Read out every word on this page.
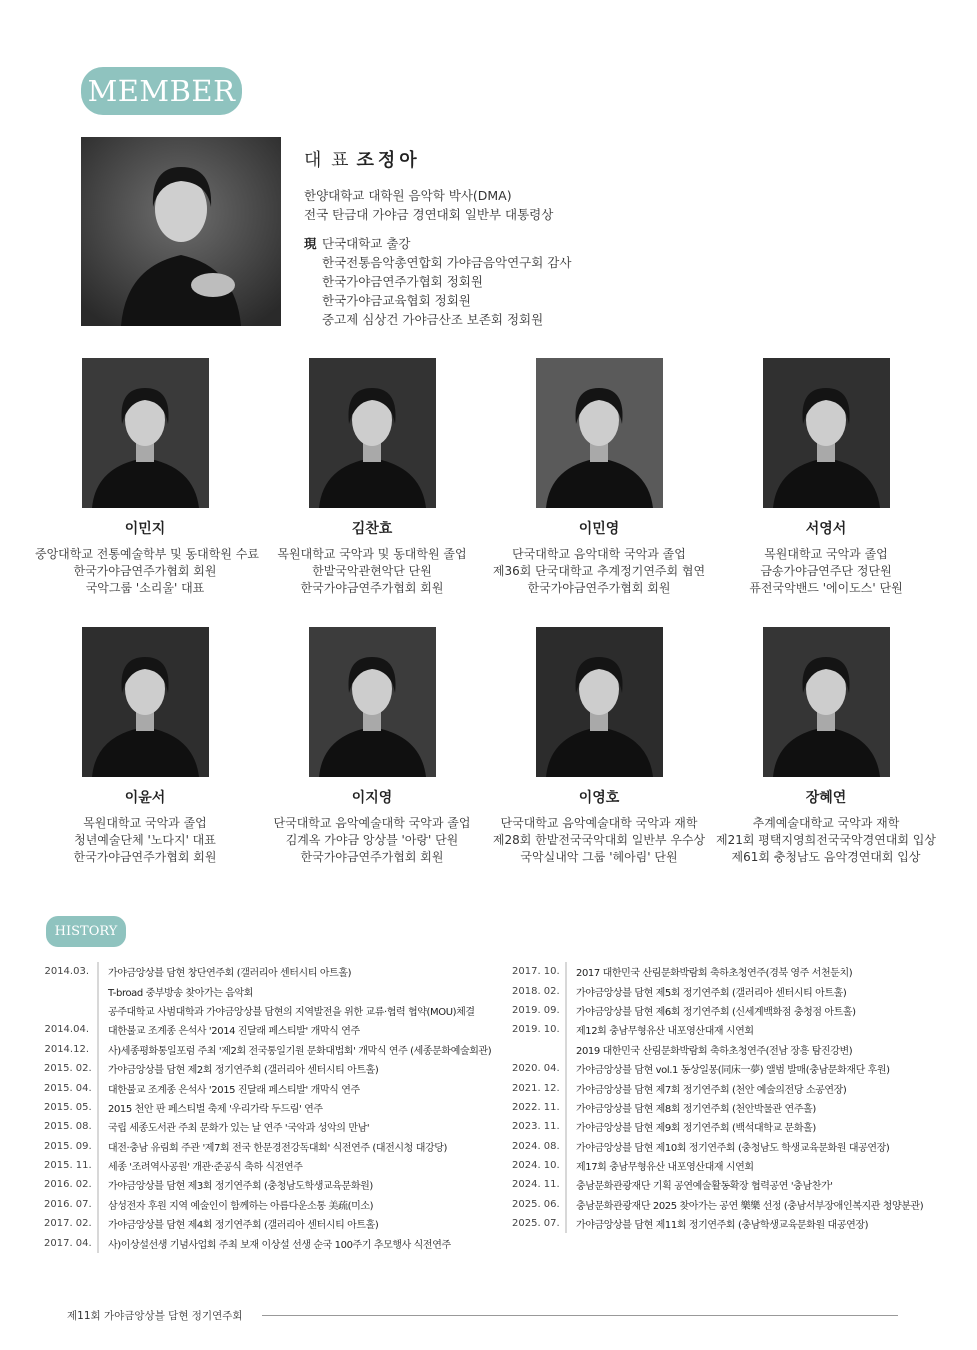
MEMBER
대 표 조정아
한양대학교 대학원 음악학 박사(DMA)
전국 탄금대 가야금 경연대회 일반부 대통령상
現 단국대학교 출강
한국전통음악총연합회 가야금음악연구회 감사
한국가야금연주가협회 정회원
한국가야금교육협회 정회원
중고제 심상건 가야금산조 보존회 정회원
이민지
중앙대학교 전통예술학부 및 동대학원 수료
한국가야금연주가협회 회원
국악그룹 '소리울' 대표
김찬효
목원대학교 국악과 및 동대학원 졸업
한밭국악관현악단 단원
한국가야금연주가협회 회원
이민영
단국대학교 음악대학 국악과 졸업
제36회 단국대학교 추계정기연주회 협연
한국가야금연주가협회 회원
서영서
목원대학교 국악과 졸업
금송가야금연주단 정단원
퓨전국악밴드 '에이도스' 단원
이윤서
목원대학교 국악과 졸업
청년예술단체 '노다지' 대표
한국가야금연주가협회 회원
이지영
단국대학교 음악예술대학 국악과 졸업
김계옥 가야금 앙상블 '아랑' 단원
한국가야금연주가협회 회원
이영호
단국대학교 음악예술대학 국악과 재학
제28회 한밭전국국악대회 일반부 우수상
국악실내악 그룹 '헤아림' 단원
장혜연
추계예술대학교 국악과 재학
제21회 평택지영희전국국악경연대회 입상
제61회 충청남도 음악경연대회 입상
HISTORY
2014.03. 가야금앙상블 담현 창단연주회 (갤러리아 센터시티 아트홀)
T-broad 중부방송 찾아가는 음악회
공주대학교 사범대학과 가야금앙상블 담현의 지역발전을 위한 교류·협력 협약(MOU)체결
2014.04. 대한불교 조계종 은석사 '2014 진달래 페스티발' 개막식 연주
2014.12. 사)세종평화통일포럼 주최 '제2회 전국통일기원 문화대법회' 개막식 연주 (세종문화예술회관)
2015. 02. 가야금앙상블 담현 제2회 정기연주회 (갤러리아 센터시티 아트홀)
2015. 04. 대한불교 조계종 은석사 '2015 진달래 페스티발' 개막식 연주
2015. 05. 2015 천안 판 페스티벌 축제 '우리가락 두드림' 연주
2015. 08. 국립 세종도서관 주최 문화가 있는 날 연주 '국악과 성악의 만남'
2015. 09. 대전·충남 유림회 주관 '제7회 전국 한문경전강독대회' 식전연주 (대전시청 대강당)
2015. 11. 세종 '조려역사공원' 개관·준공식 축하 식전연주
2016. 02. 가야금앙상블 담현 제3회 정기연주회 (충청남도학생교육문화원)
2016. 07. 삼성전자 후원 지역 예술인이 함께하는 아름다운소통 美疏(미소)
2017. 02. 가야금앙상블 담현 제4회 정기연주회 (갤러리아 센터시티 아트홀)
2017. 04. 사)이상설선생 기념사업회 주최 보재 이상설 선생 순국 100주기 추모행사 식전연주
2017. 10. 2017 대한민국 산림문화박람회 축하초청연주(경북 영주 서천둔치)
2018. 02. 가야금앙상블 담현 제5회 정기연주회 (갤러리아 센터시티 아트홀)
2019. 09. 가야금앙상블 담현 제6회 정기연주회 (신세계백화점 충청점 아트홀)
2019. 10. 제12회 충남무형유산 내포영산대재 시연회
2019 대한민국 산림문화박람회 축하초청연주(전남 장흥 탐진강변)
2020. 04. 가야금앙상블 담현 vol.1 동상일몽(同床一夢) 앨범 발매(충남문화재단 후원)
2021. 12. 가야금앙상블 담현 제7회 정기연주회 (천안 예술의전당 소공연장)
2022. 11. 가야금앙상블 담현 제8회 정기연주회 (천안박물관 연주홀)
2023. 11. 가야금앙상블 담현 제9회 정기연주회 (백석대학교 문화홀)
2024. 08. 가야금앙상블 담현 제10회 정기연주회 (충청남도 학생교육문화원 대공연장)
2024. 10. 제17회 충남무형유산 내포영산대재 시연회
2024. 11. 충남문화관광재단 기획 공연예술활동확장 협력공연 '충남찬가'
2025. 06. 충남문화관광재단 2025 찾아가는 공연 樂樂 선정 (충남서부장애인복지관 청양분관)
2025. 07. 가야금앙상블 담현 제11회 정기연주회 (충남학생교육문화원 대공연장)
제11회 가야금앙상블 담현 정기연주회
